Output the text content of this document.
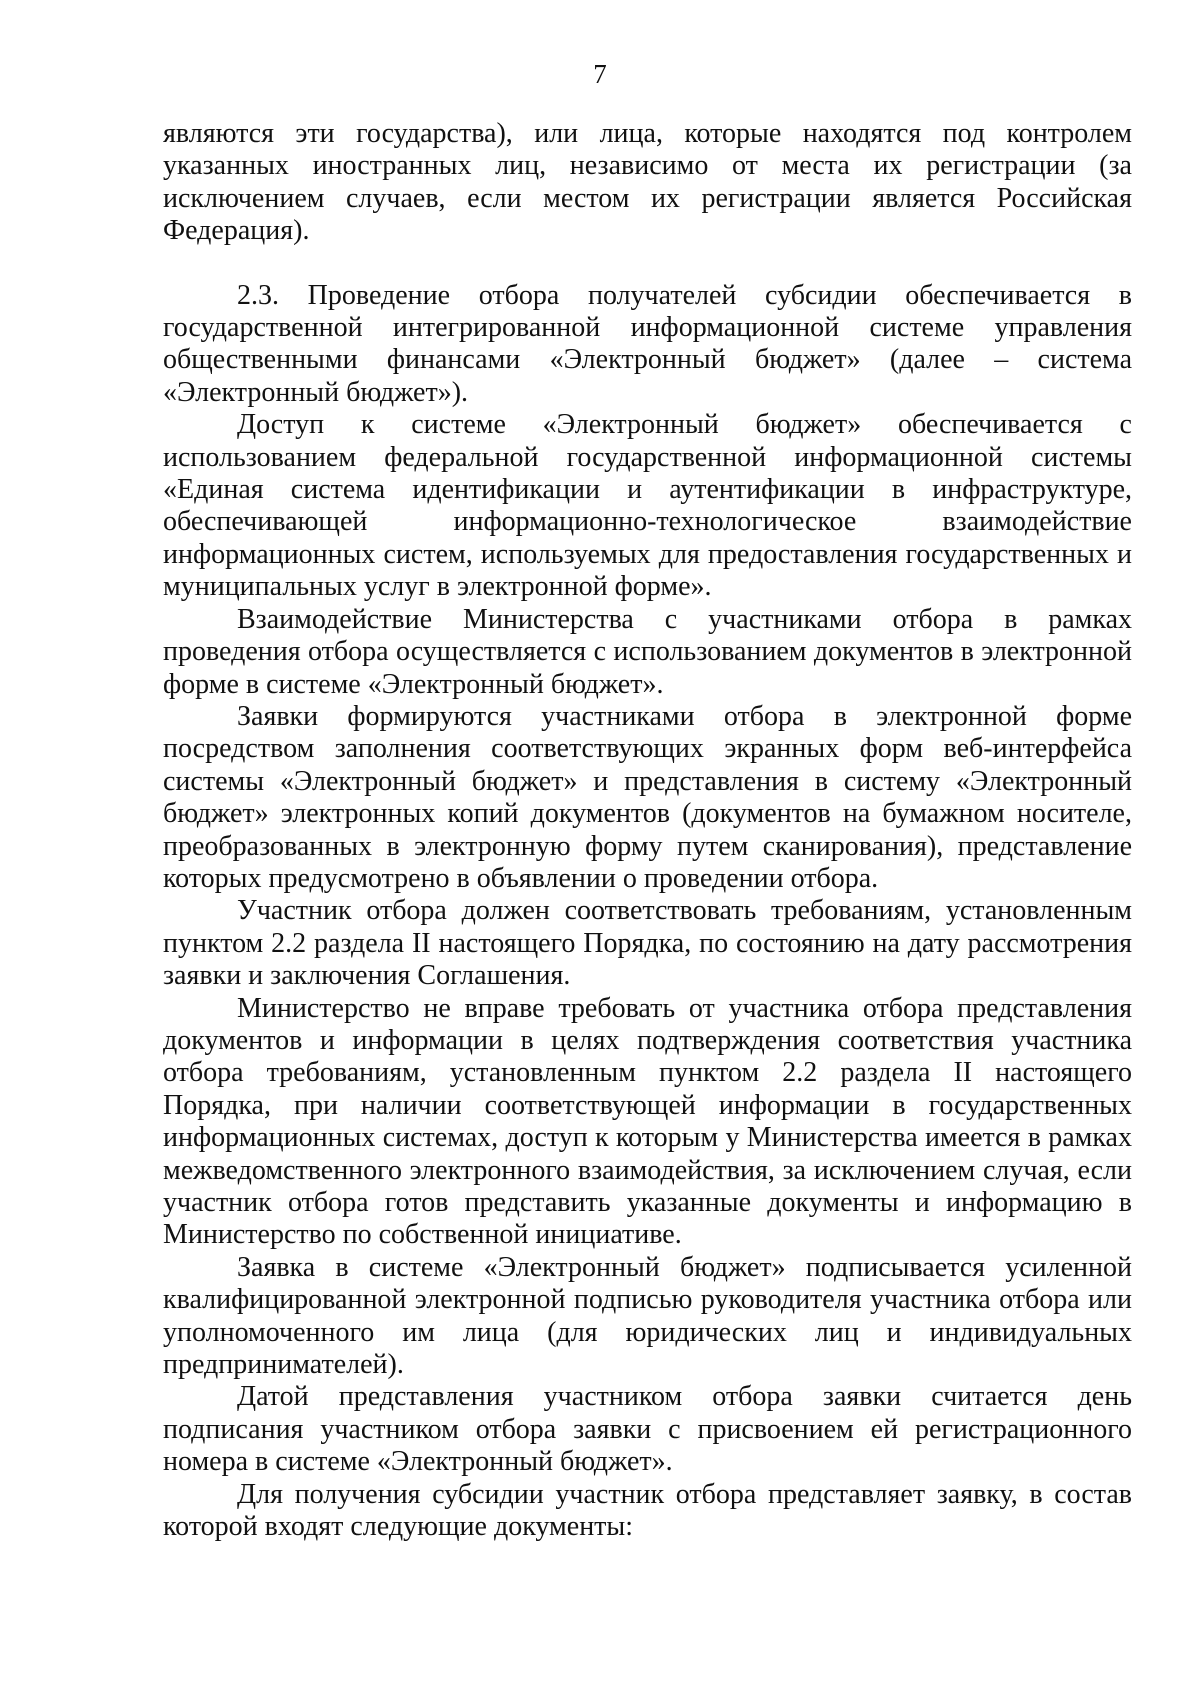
7

являются эти государства), или лица, которые находятся под контролем указанных иностранных лиц, независимо от места их регистрации (за исключением случаев, если местом их регистрации является Российская Федерация).

2.3. Проведение отбора получателей субсидии обеспечивается в государственной интегрированной информационной системе управления общественными финансами «Электронный бюджет» (далее – система «Электронный бюджет»).

Доступ к системе «Электронный бюджет» обеспечивается с использованием федеральной государственной информационной системы «Единая система идентификации и аутентификации в инфраструктуре, обеспечивающей информационно-технологическое взаимодействие информационных систем, используемых для предоставления государственных и муниципальных услуг в электронной форме».

Взаимодействие Министерства с участниками отбора в рамках проведения отбора осуществляется с использованием документов в электронной форме в системе «Электронный бюджет».

Заявки формируются участниками отбора в электронной форме посредством заполнения соответствующих экранных форм веб-интерфейса системы «Электронный бюджет» и представления в систему «Электронный бюджет» электронных копий документов (документов на бумажном носителе, преобразованных в электронную форму путем сканирования), представление которых предусмотрено в объявлении о проведении отбора.

Участник отбора должен соответствовать требованиям, установленным пунктом 2.2 раздела II настоящего Порядка, по состоянию на дату рассмотрения заявки и заключения Соглашения.

Министерство не вправе требовать от участника отбора представления документов и информации в целях подтверждения соответствия участника отбора требованиям, установленным пунктом 2.2 раздела II настоящего Порядка, при наличии соответствующей информации в государственных информационных системах, доступ к которым у Министерства имеется в рамках межведомственного электронного взаимодействия, за исключением случая, если участник отбора готов представить указанные документы и информацию в Министерство по собственной инициативе.

Заявка в системе «Электронный бюджет» подписывается усиленной квалифицированной электронной подписью руководителя участника отбора или уполномоченного им лица (для юридических лиц и индивидуальных предпринимателей).

Датой представления участником отбора заявки считается день подписания участником отбора заявки с присвоением ей регистрационного номера в системе «Электронный бюджет».

Для получения субсидии участник отбора представляет заявку, в состав которой входят следующие документы:
